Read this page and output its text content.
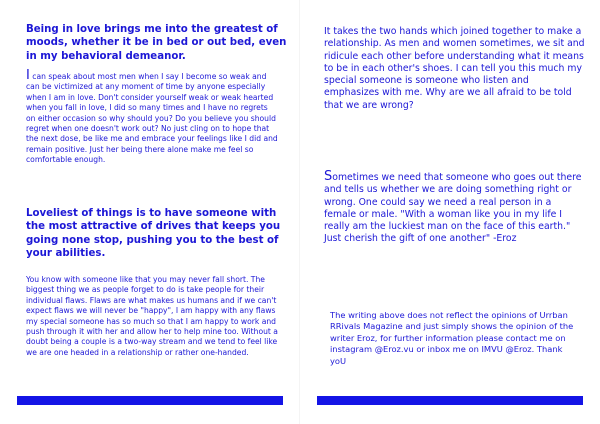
Being in love brings me into the greatest of moods, whether it be in bed or out bed, even in my behavioral demeanor.

I can speak about most men when I say I become so weak and can be victimized at any moment of time by anyone especially when I am in love. Don't consider yourself weak or weak hearted when you fall in love, I did so many times and I have no regrets on either occasion so why should you? Do you believe you should regret when one doesn't work out? No just cling on to hope that the next dose, be like me and embrace your feelings like I did and remain positive. Just her being there alone make me feel so comfortable enough.

Loveliest of things is to have someone with the most attractive of drives that keeps you going none stop, pushing you to the best of your abilities.

You know with someone like that you may never fall short. The biggest thing we as people forget to do is take people for their individual flaws. Flaws are what makes us humans and if we can't expect flaws we will never be "happy", I am happy with any flaws my special someone has so much so that I am happy to work and push through it with her and allow her to help mine too. Without a doubt being a couple is a two-way stream and we tend to feel like we are one headed in a relationship or rather one-handed.

It takes the two hands which joined together to make a relationship. As men and women sometimes, we sit and ridicule each other before understanding what it means to be in each other's shoes. I can tell you this much my special someone is someone who listen and emphasizes with me. Why are we all afraid to be told that we are wrong?

Sometimes we need that someone who goes out there and tells us whether we are doing something right or wrong. One could say we need a real person in a female or male. "With a woman like you in my life I really am the luckiest man on the face of this earth." Just cherish the gift of one another" -Eroz

The writing above does not reflect the opinions of Urrban RRivals Magazine and just simply shows the opinion of the writer Eroz, for further information please contact me on instagram @Eroz.vu or inbox me on IMVU @Eroz. Thank yoU
